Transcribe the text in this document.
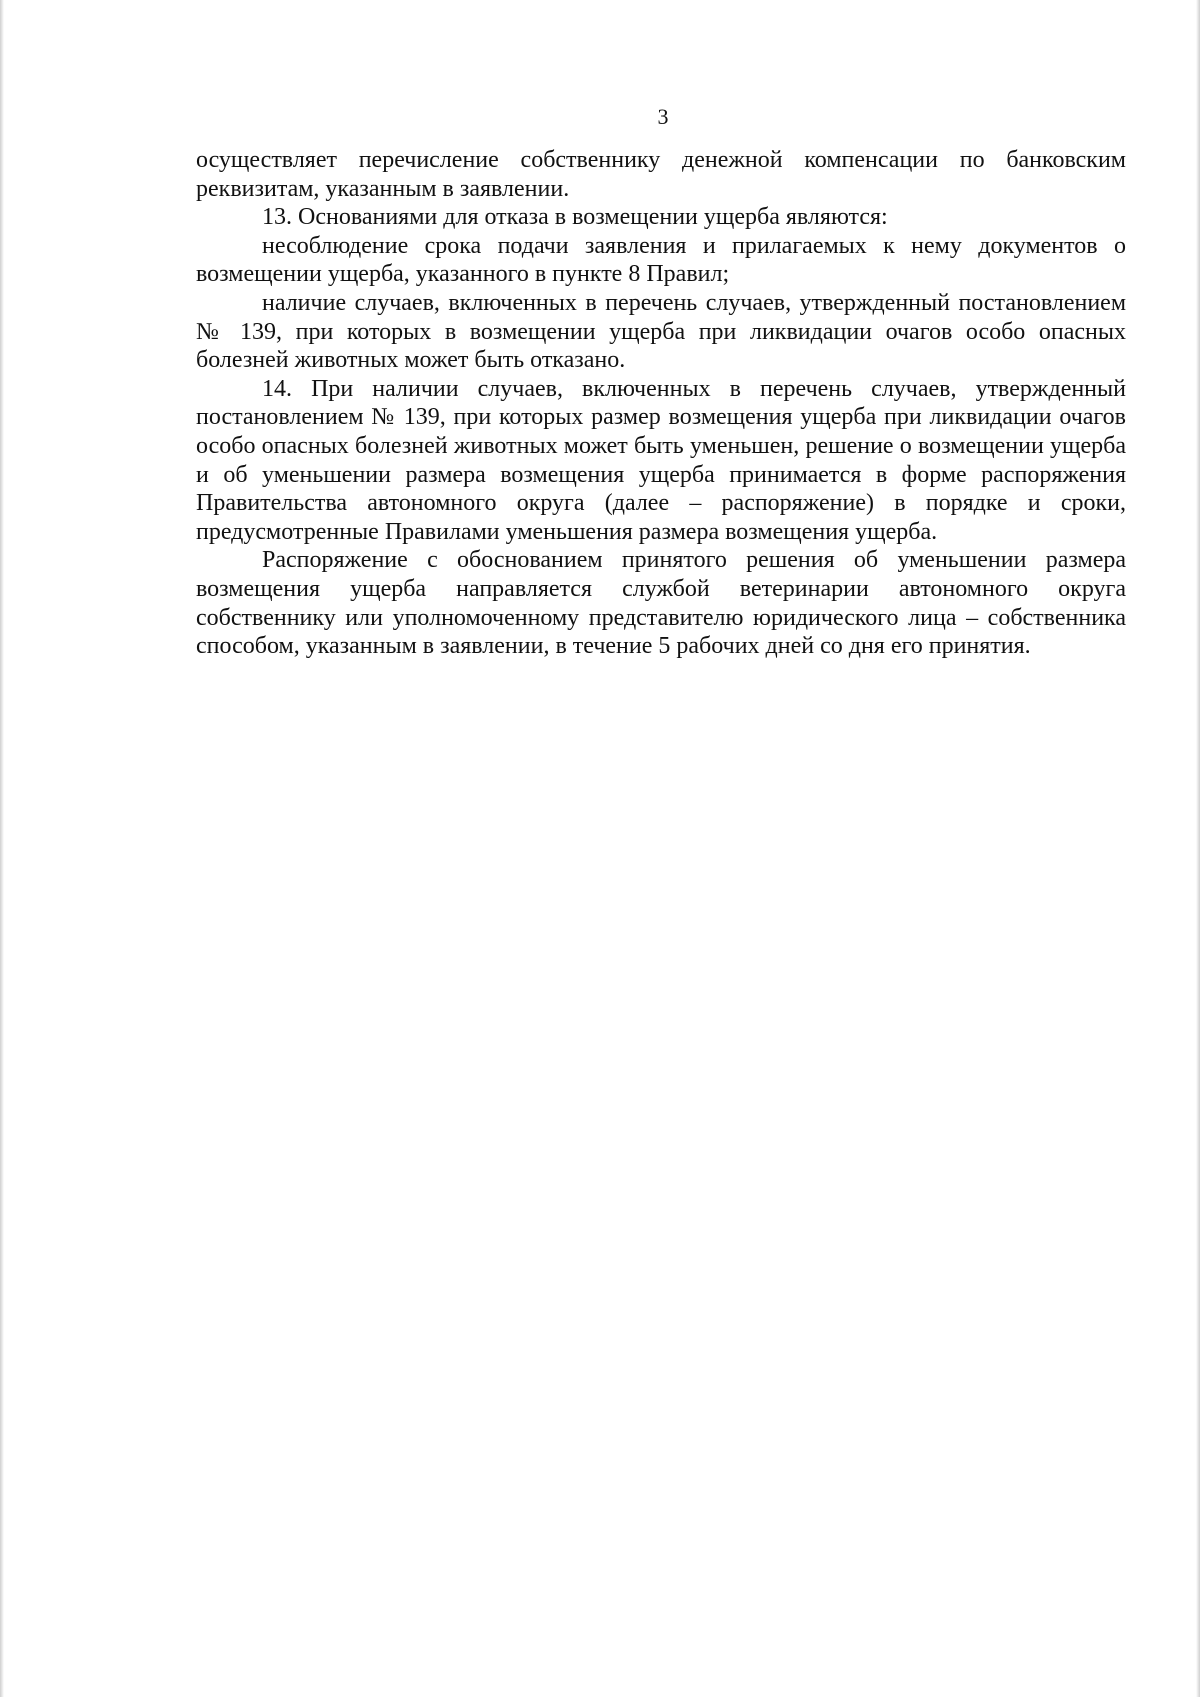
3

осуществляет перечисление собственнику денежной компенсации по банковским реквизитам, указанным в заявлении.

13. Основаниями для отказа в возмещении ущерба являются:

несоблюдение срока подачи заявления и прилагаемых к нему документов о возмещении ущерба, указанного в пункте 8 Правил;

наличие случаев, включенных в перечень случаев, утвержденный постановлением № 139, при которых в возмещении ущерба при ликвидации очагов особо опасных болезней животных может быть отказано.

14. При наличии случаев, включенных в перечень случаев, утвержденный постановлением № 139, при которых размер возмещения ущерба при ликвидации очагов особо опасных болезней животных может быть уменьшен, решение о возмещении ущерба и об уменьшении размера возмещения ущерба принимается в форме распоряжения Правительства автономного округа (далее – распоряжение) в порядке и сроки, предусмотренные Правилами уменьшения размера возмещения ущерба.

Распоряжение с обоснованием принятого решения об уменьшении размера возмещения ущерба направляется службой ветеринарии автономного округа собственнику или уполномоченному представителю юридического лица – собственника способом, указанным в заявлении, в течение 5 рабочих дней со дня его принятия.
